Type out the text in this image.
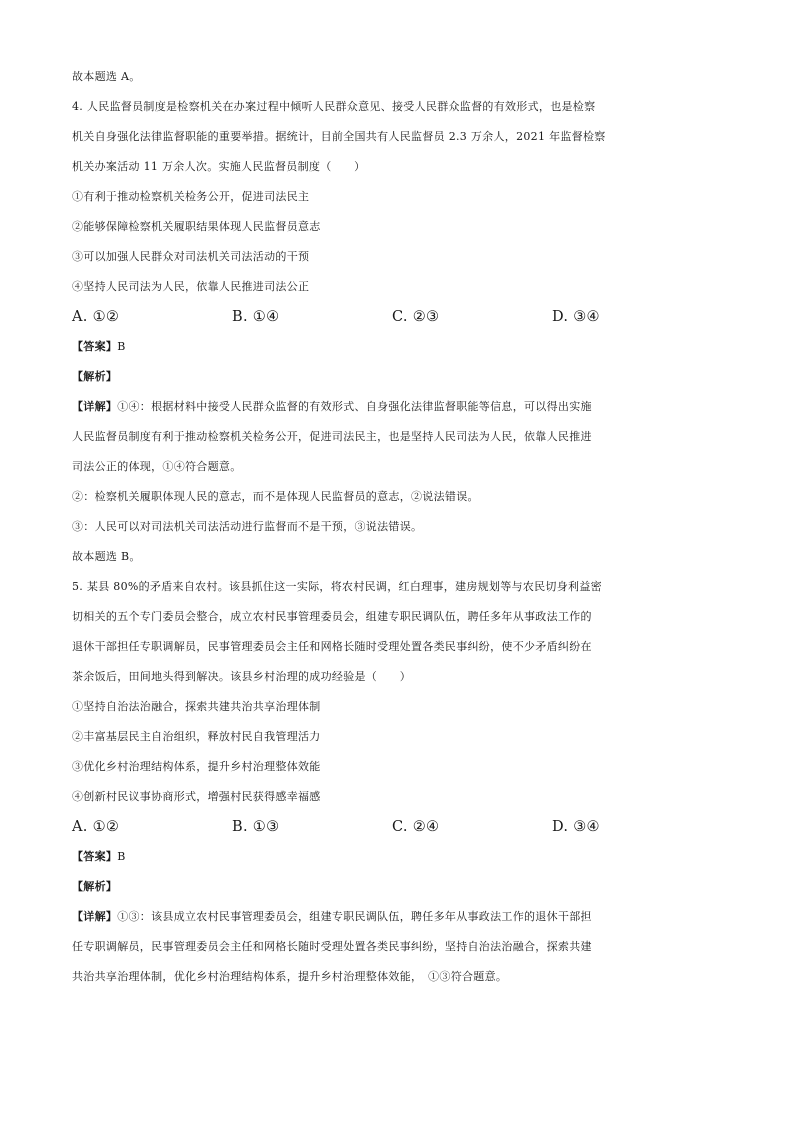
故本题选 A。
4. 人民监督员制度是检察机关在办案过程中倾听人民群众意见、接受人民群众监督的有效形式，也是检察
机关自身强化法律监督职能的重要举措。据统计，目前全国共有人民监督员 2.3 万余人，2021 年监督检察
机关办案活动 11 万余人次。实施人民监督员制度（　　）
①有利于推动检察机关检务公开，促进司法民主
②能够保障检察机关履职结果体现人民监督员意志
③可以加强人民群众对司法机关司法活动的干预
④坚持人民司法为人民，依靠人民推进司法公正
A. ①②	B. ①④	C. ②③	D. ③④
【答案】B
【解析】
【详解】①④：根据材料中接受人民群众监督的有效形式、自身强化法律监督职能等信息，可以得出实施
人民监督员制度有利于推动检察机关检务公开，促进司法民主，也是坚持人民司法为人民，依靠人民推进
司法公正的体现，①④符合题意。
②：检察机关履职体现人民的意志，而不是体现人民监督员的意志，②说法错误。
③：人民可以对司法机关司法活动进行监督而不是干预，③说法错误。
故本题选 B。
5. 某县 80%的矛盾来自农村。该县抓住这一实际，将农村民调，红白理事，建房规划等与农民切身利益密
切相关的五个专门委员会整合，成立农村民事管理委员会，组建专职民调队伍，聘任多年从事政法工作的
退休干部担任专职调解员，民事管理委员会主任和网格长随时受理处置各类民事纠纷，使不少矛盾纠纷在
茶余饭后，田间地头得到解决。该县乡村治理的成功经验是（　　）
①坚持自治法治融合，探索共建共治共享治理体制
②丰富基层民主自治组织，释放村民自我管理活力
③优化乡村治理结构体系，提升乡村治理整体效能
④创新村民议事协商形式，增强村民获得感幸福感
A. ①②	B. ①③	C. ②④	D. ③④
【答案】B
【解析】
【详解】①③：该县成立农村民事管理委员会，组建专职民调队伍，聘任多年从事政法工作的退休干部担
任专职调解员，民事管理委员会主任和网格长随时受理处置各类民事纠纷，坚持自治法治融合，探索共建
共治共享治理体制，优化乡村治理结构体系，提升乡村治理整体效能，　①③符合题意。
